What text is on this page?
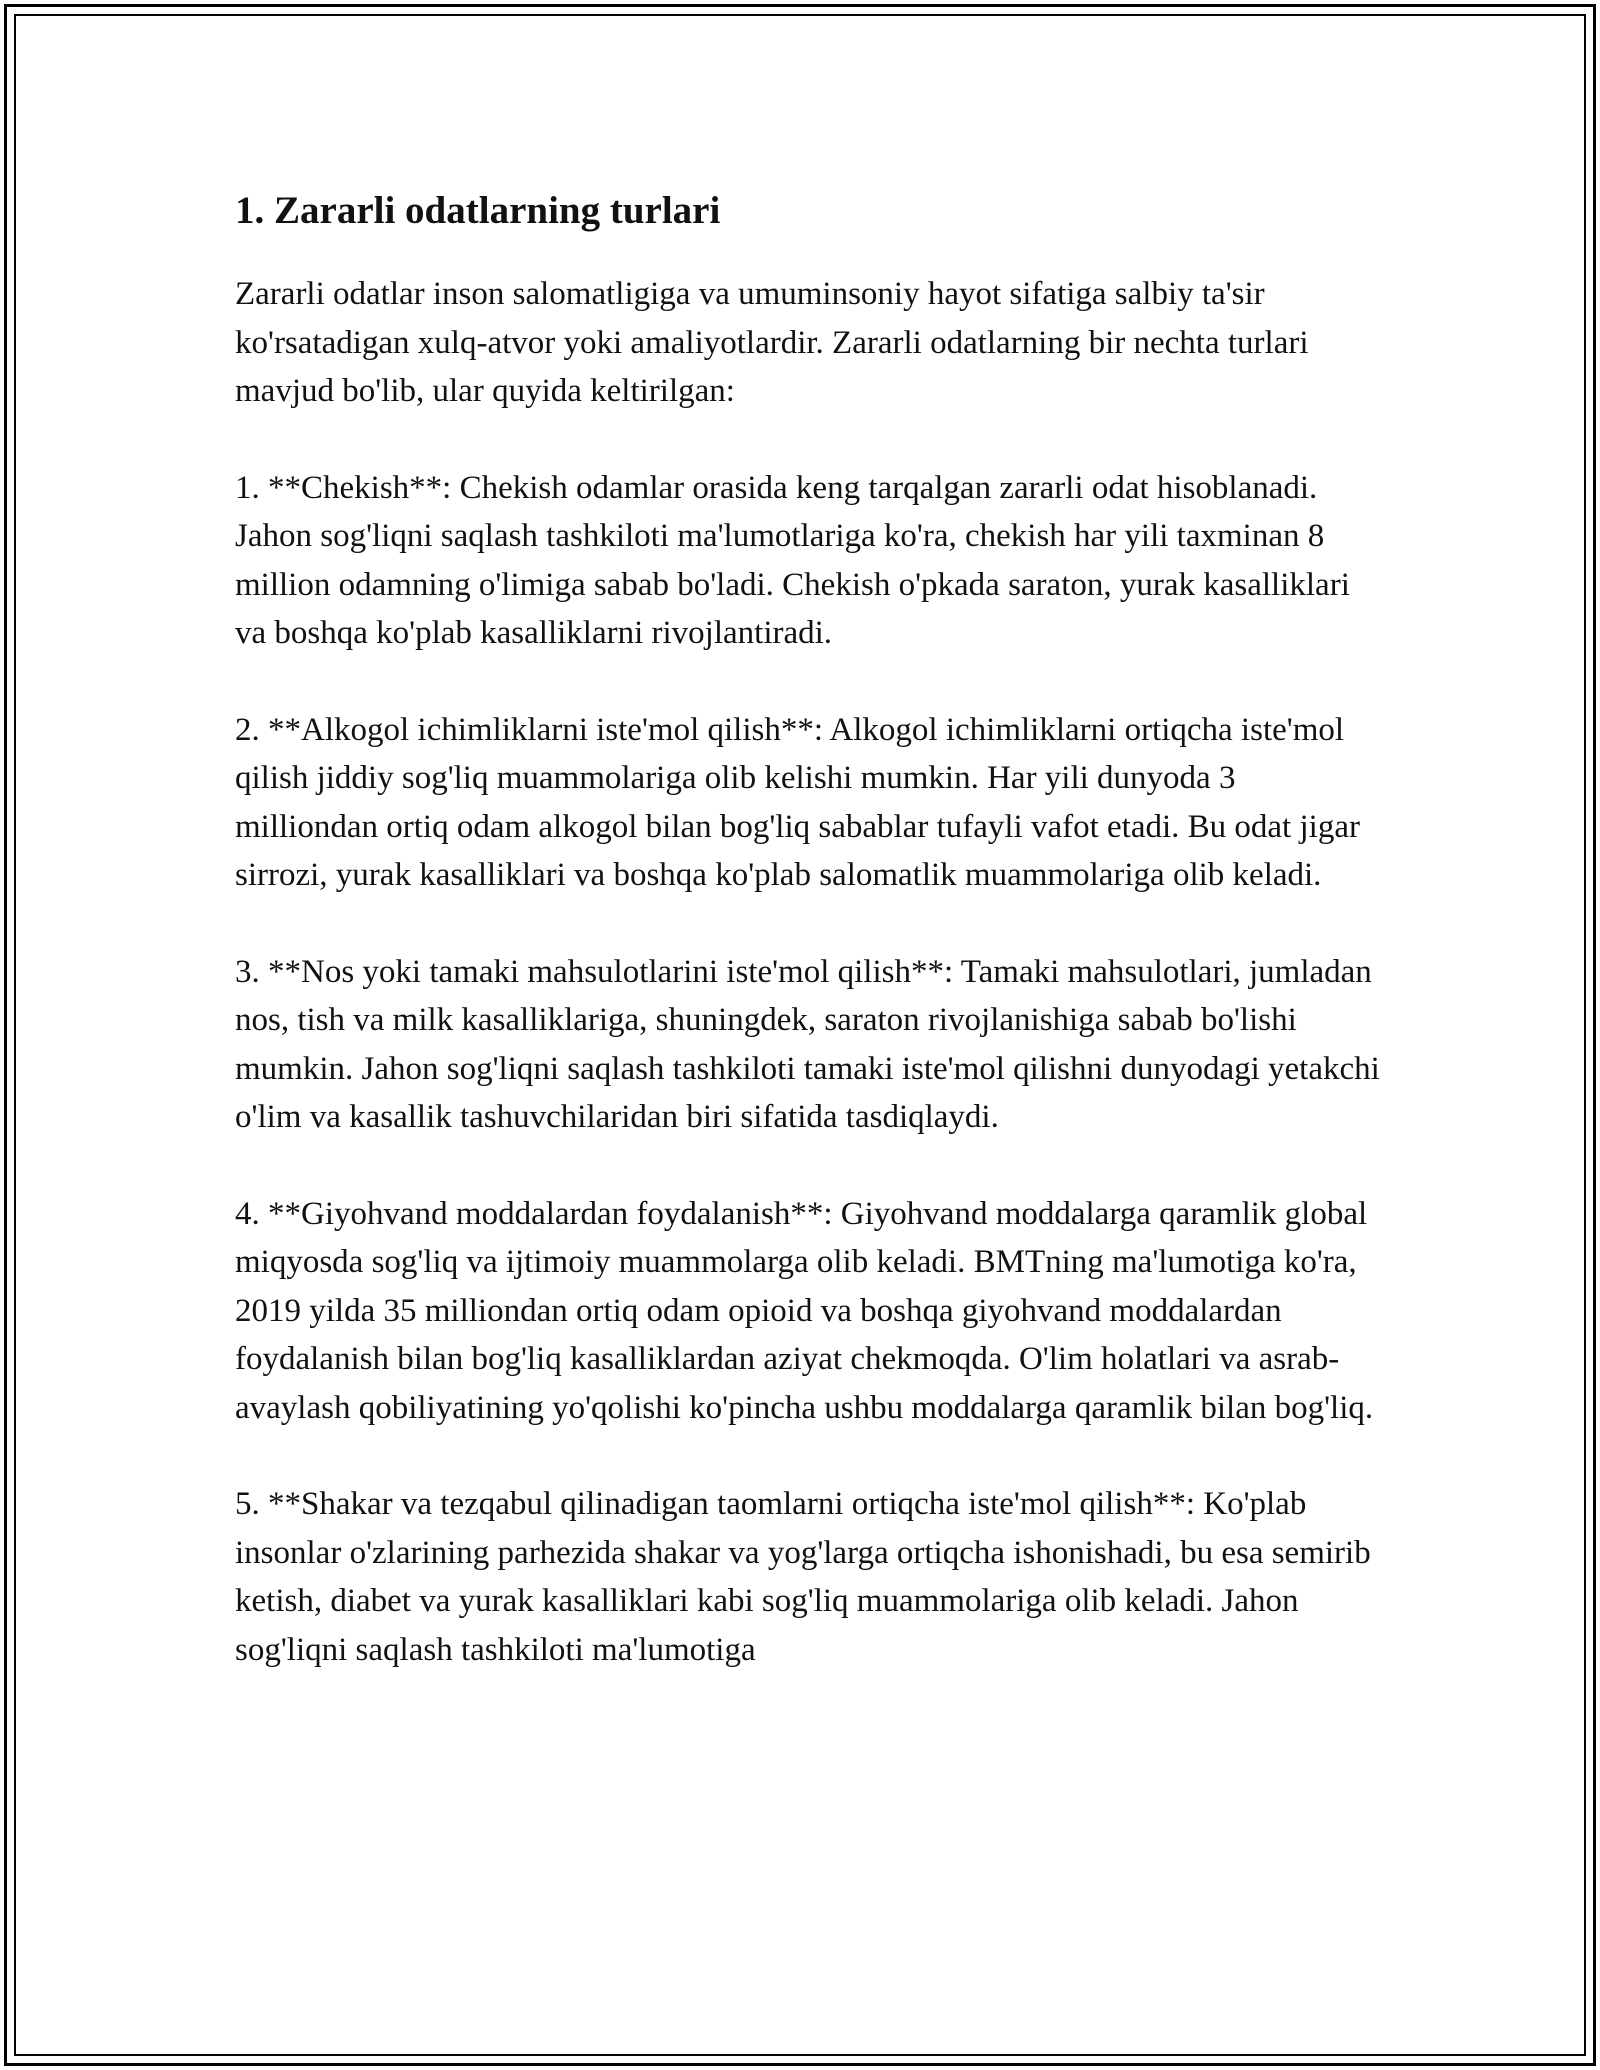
1. Zararli odatlarning turlari

Zararli odatlar inson salomatligiga va umuminsoniy hayot sifatiga salbiy ta'sir ko'rsatadigan xulq-atvor yoki amaliyotlardir. Zararli odatlarning bir nechta turlari mavjud bo'lib, ular quyida keltirilgan:

1. **Chekish**: Chekish odamlar orasida keng tarqalgan zararli odat hisoblanadi. Jahon sog'liqni saqlash tashkiloti ma'lumotlariga ko'ra, chekish har yili taxminan 8 million odamning o'limiga sabab bo'ladi. Chekish o'pkada saraton, yurak kasalliklari va boshqa ko'plab kasalliklarni rivojlantiradi.

2. **Alkogol ichimliklarni iste'mol qilish**: Alkogol ichimliklarni ortiqcha iste'mol qilish jiddiy sog'liq muammolariga olib kelishi mumkin. Har yili dunyoda 3 milliondan ortiq odam alkogol bilan bog'liq sabablar tufayli vafot etadi. Bu odat jigar sirrozi, yurak kasalliklari va boshqa ko'plab salomatlik muammolariga olib keladi.

3. **Nos yoki tamaki mahsulotlarini iste'mol qilish**: Tamaki mahsulotlari, jumladan nos, tish va milk kasalliklariga, shuningdek, saraton rivojlanishiga sabab bo'lishi mumkin. Jahon sog'liqni saqlash tashkiloti tamaki iste'mol qilishni dunyodagi yetakchi o'lim va kasallik tashuvchilaridan biri sifatida tasdiqlaydi.

4. **Giyohvand moddalardan foydalanish**: Giyohvand moddalarga qaramlik global miqyosda sog'liq va ijtimoiy muammolarga olib keladi. BMTning ma'lumotiga ko'ra, 2019 yilda 35 milliondan ortiq odam opioid va boshqa giyohvand moddalardan foydalanish bilan bog'liq kasalliklardan aziyat chekmoqda. O'lim holatlari va asrab-avaylash qobiliyatining yo'qolishi ko'pincha ushbu moddalarga qaramlik bilan bog'liq.

5. **Shakar va tezqabul qilinadigan taomlarni ortiqcha iste'mol qilish**: Ko'plab insonlar o'zlarining parhezida shakar va yog'larga ortiqcha ishonishadi, bu esa semirib ketish, diabet va yurak kasalliklari kabi sog'liq muammolariga olib keladi. Jahon sog'liqni saqlash tashkiloti ma'lumotiga
